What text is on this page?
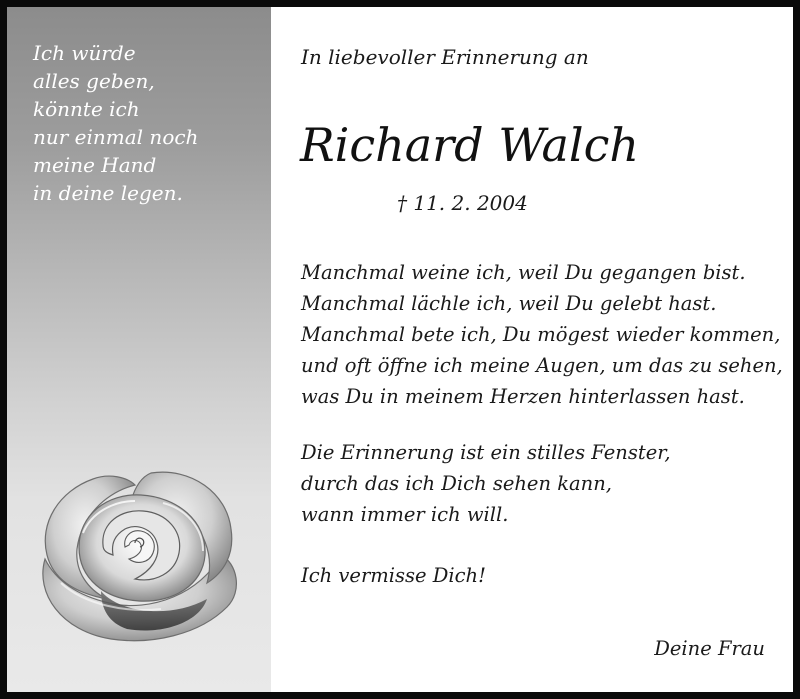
Ich würde
alles geben,
könnte ich
nur einmal noch
meine Hand
in deine legen.
In liebevoller Erinnerung an
Richard Walch
† 11. 2. 2004
Manchmal weine ich, weil Du gegangen bist.
Manchmal lächle ich, weil Du gelebt hast.
Manchmal bete ich, Du mögest wieder kommen,
und oft öffne ich meine Augen, um das zu sehen,
was Du in meinem Herzen hinterlassen hast.
Die Erinnerung ist ein stilles Fenster,
durch das ich Dich sehen kann,
wann immer ich will.
Ich vermisse Dich!
Deine Frau
